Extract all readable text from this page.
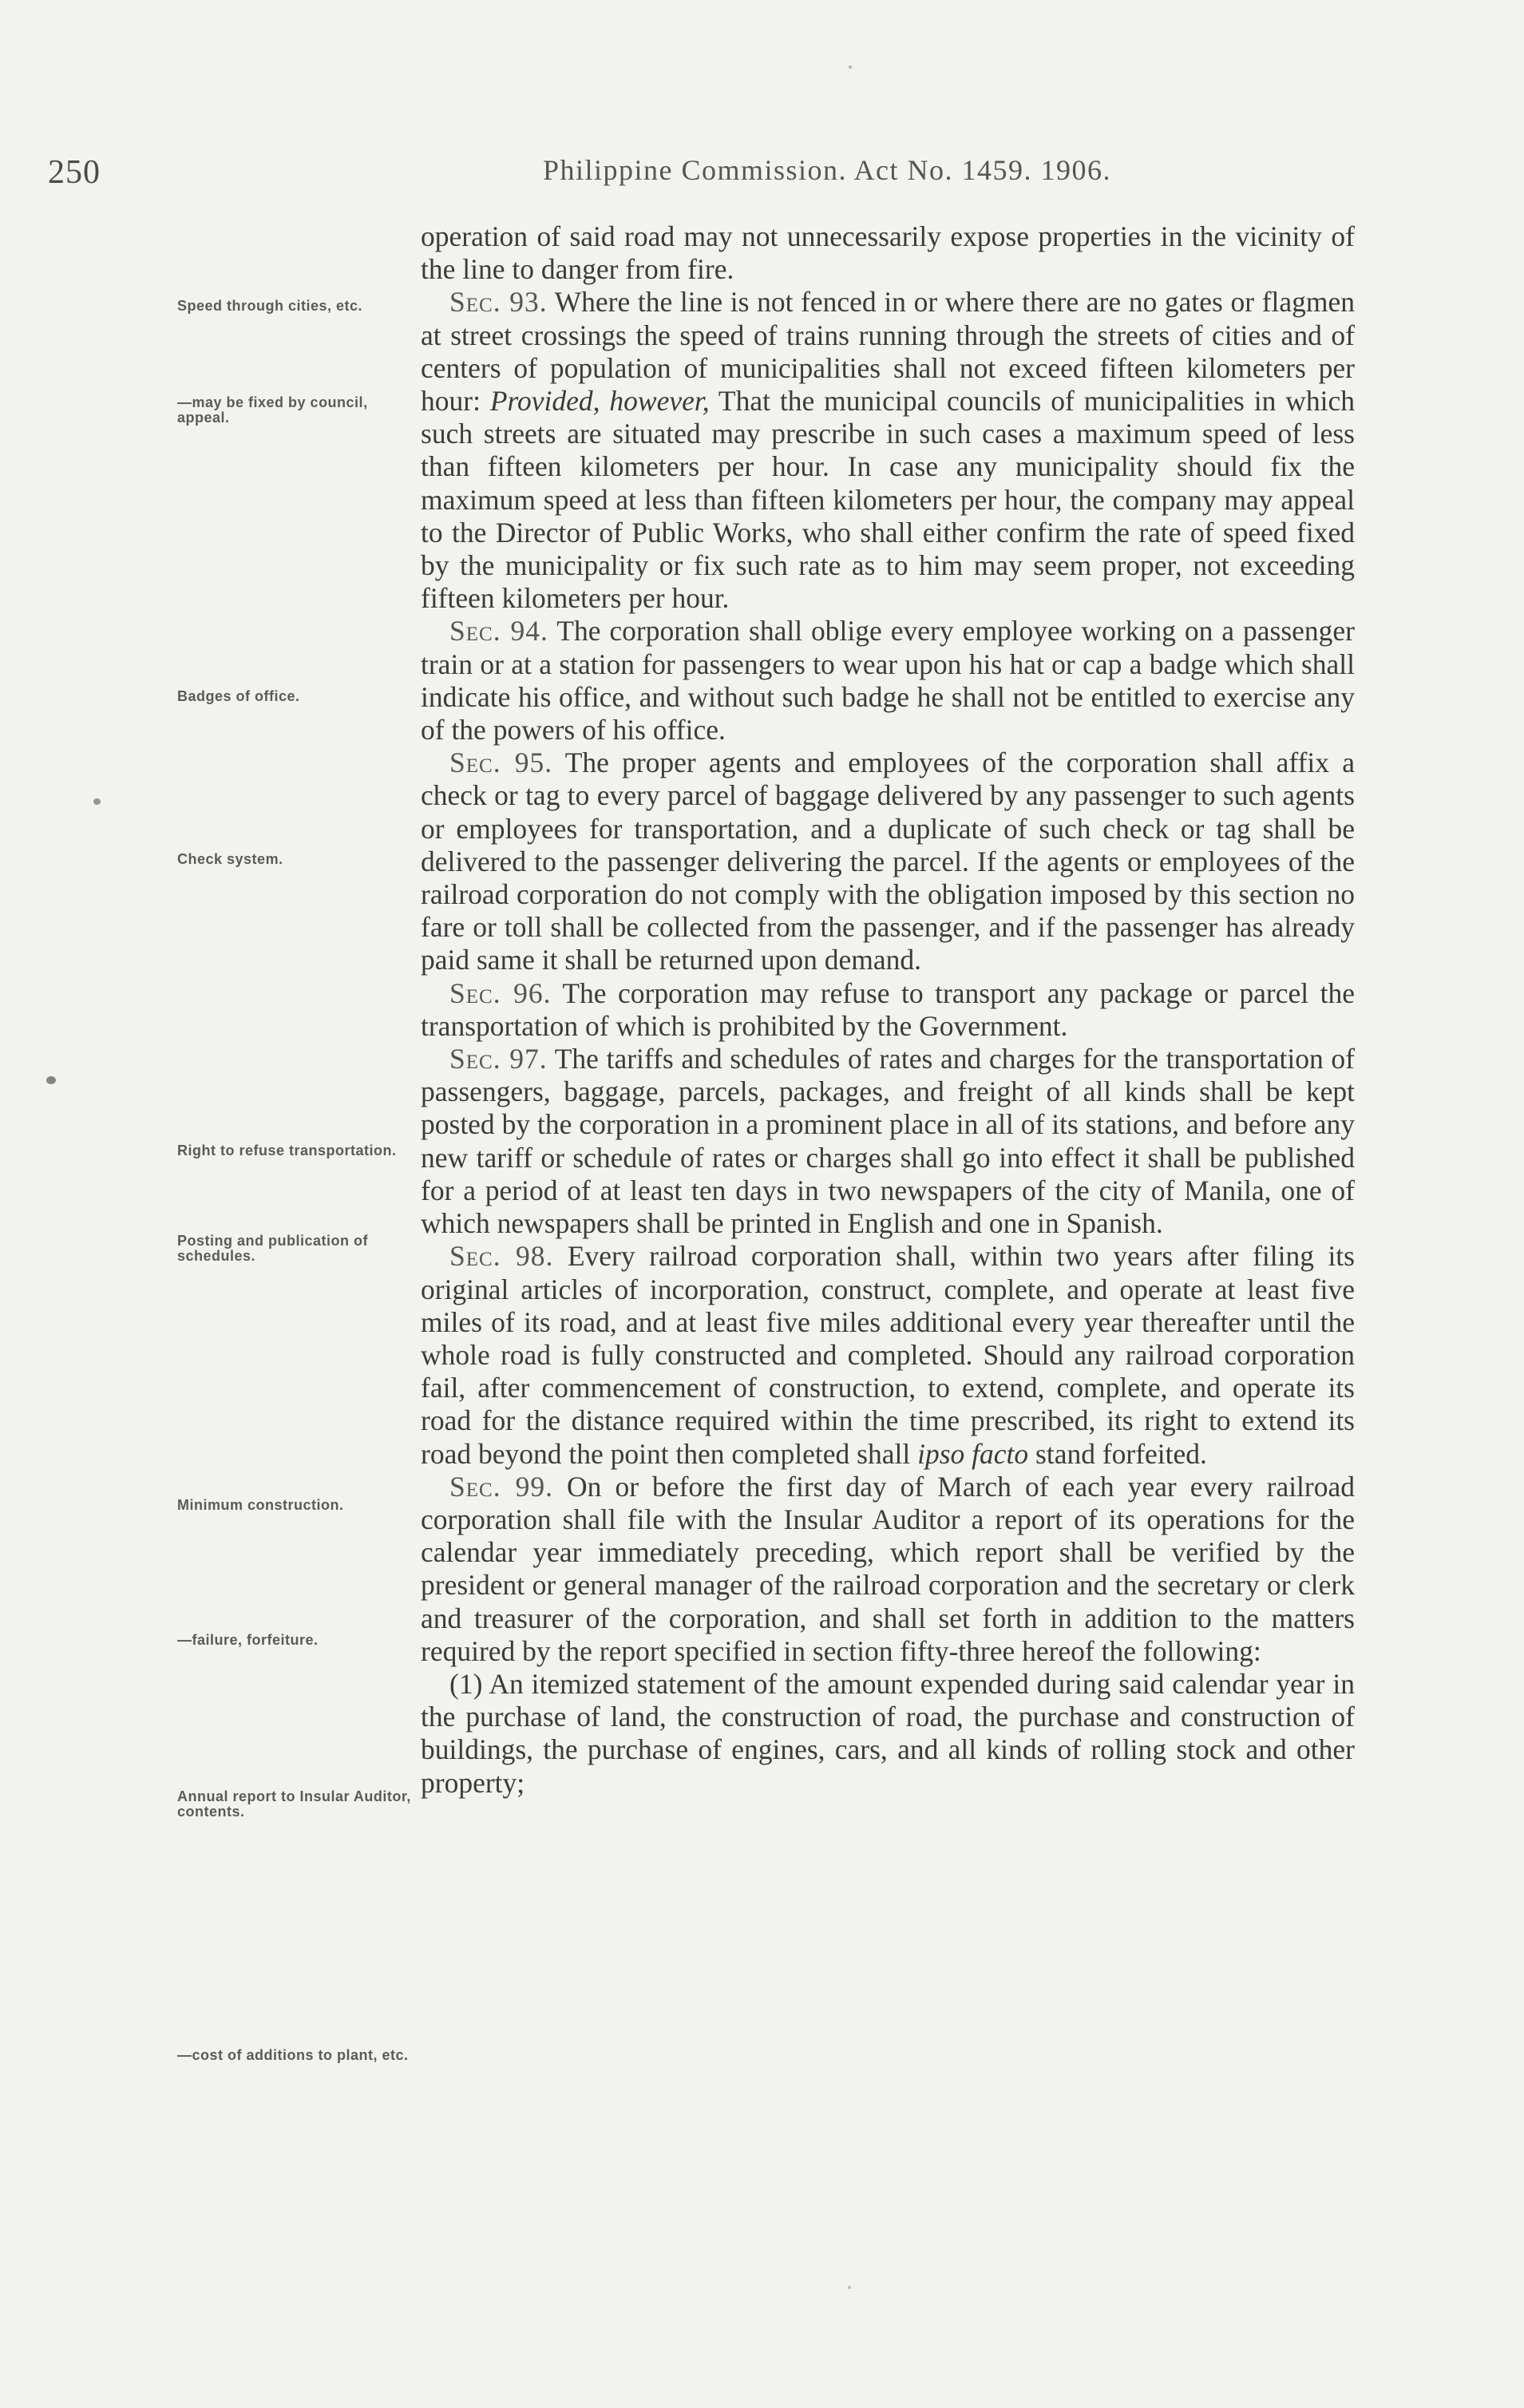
250	Philippine Commission. Act No. 1459. 1906.
Speed through cities, etc.
—may be fixed by council, appeal.
Badges of office.
Check system.
Right to refuse transportation.
Posting and publication of schedules.
Minimum construction.
—failure, forfeiture.
Annual report to Insular Auditor, contents.
—cost of additions to plant, etc.

operation of said road may not unnecessarily expose properties in the vicinity of the line to danger from fire.

Sec. 93. Where the line is not fenced in or where there are no gates or flagmen at street crossings the speed of trains running through the streets of cities and of centers of population of municipalities shall not exceed fifteen kilometers per hour: Provided, however, That the municipal councils of municipalities in which such streets are situated may prescribe in such cases a maximum speed of less than fifteen kilometers per hour. In case any municipality should fix the maximum speed at less than fifteen kilometers per hour, the company may appeal to the Director of Public Works, who shall either confirm the rate of speed fixed by the municipality or fix such rate as to him may seem proper, not exceeding fifteen kilometers per hour.

Sec. 94. The corporation shall oblige every employee working on a passenger train or at a station for passengers to wear upon his hat or cap a badge which shall indicate his office, and without such badge he shall not be entitled to exercise any of the powers of his office.

Sec. 95. The proper agents and employees of the corporation shall affix a check or tag to every parcel of baggage delivered by any passenger to such agents or employees for transportation, and a duplicate of such check or tag shall be delivered to the passenger delivering the parcel. If the agents or employees of the railroad corporation do not comply with the obligation imposed by this section no fare or toll shall be collected from the passenger, and if the passenger has already paid same it shall be returned upon demand.

Sec. 96. The corporation may refuse to transport any package or parcel the transportation of which is prohibited by the Government.

Sec. 97. The tariffs and schedules of rates and charges for the transportation of passengers, baggage, parcels, packages, and freight of all kinds shall be kept posted by the corporation in a prominent place in all of its stations, and before any new tariff or schedule of rates or charges shall go into effect it shall be published for a period of at least ten days in two newspapers of the city of Manila, one of which newspapers shall be printed in English and one in Spanish.

Sec. 98. Every railroad corporation shall, within two years after filing its original articles of incorporation, construct, complete, and operate at least five miles of its road, and at least five miles additional every year thereafter until the whole road is fully constructed and completed. Should any railroad corporation fail, after commencement of construction, to extend, complete, and operate its road for the distance required within the time prescribed, its right to extend its road beyond the point then completed shall ipso facto stand forfeited.

Sec. 99. On or before the first day of March of each year every railroad corporation shall file with the Insular Auditor a report of its operations for the calendar year immediately preceding, which report shall be verified by the president or general manager of the railroad corporation and the secretary or clerk and treasurer of the corporation, and shall set forth in addition to the matters required by the report specified in section fifty-three hereof the following:

(1) An itemized statement of the amount expended during said calendar year in the purchase of land, the construction of road, the purchase and construction of buildings, the purchase of engines, cars, and all kinds of rolling stock and other property;
